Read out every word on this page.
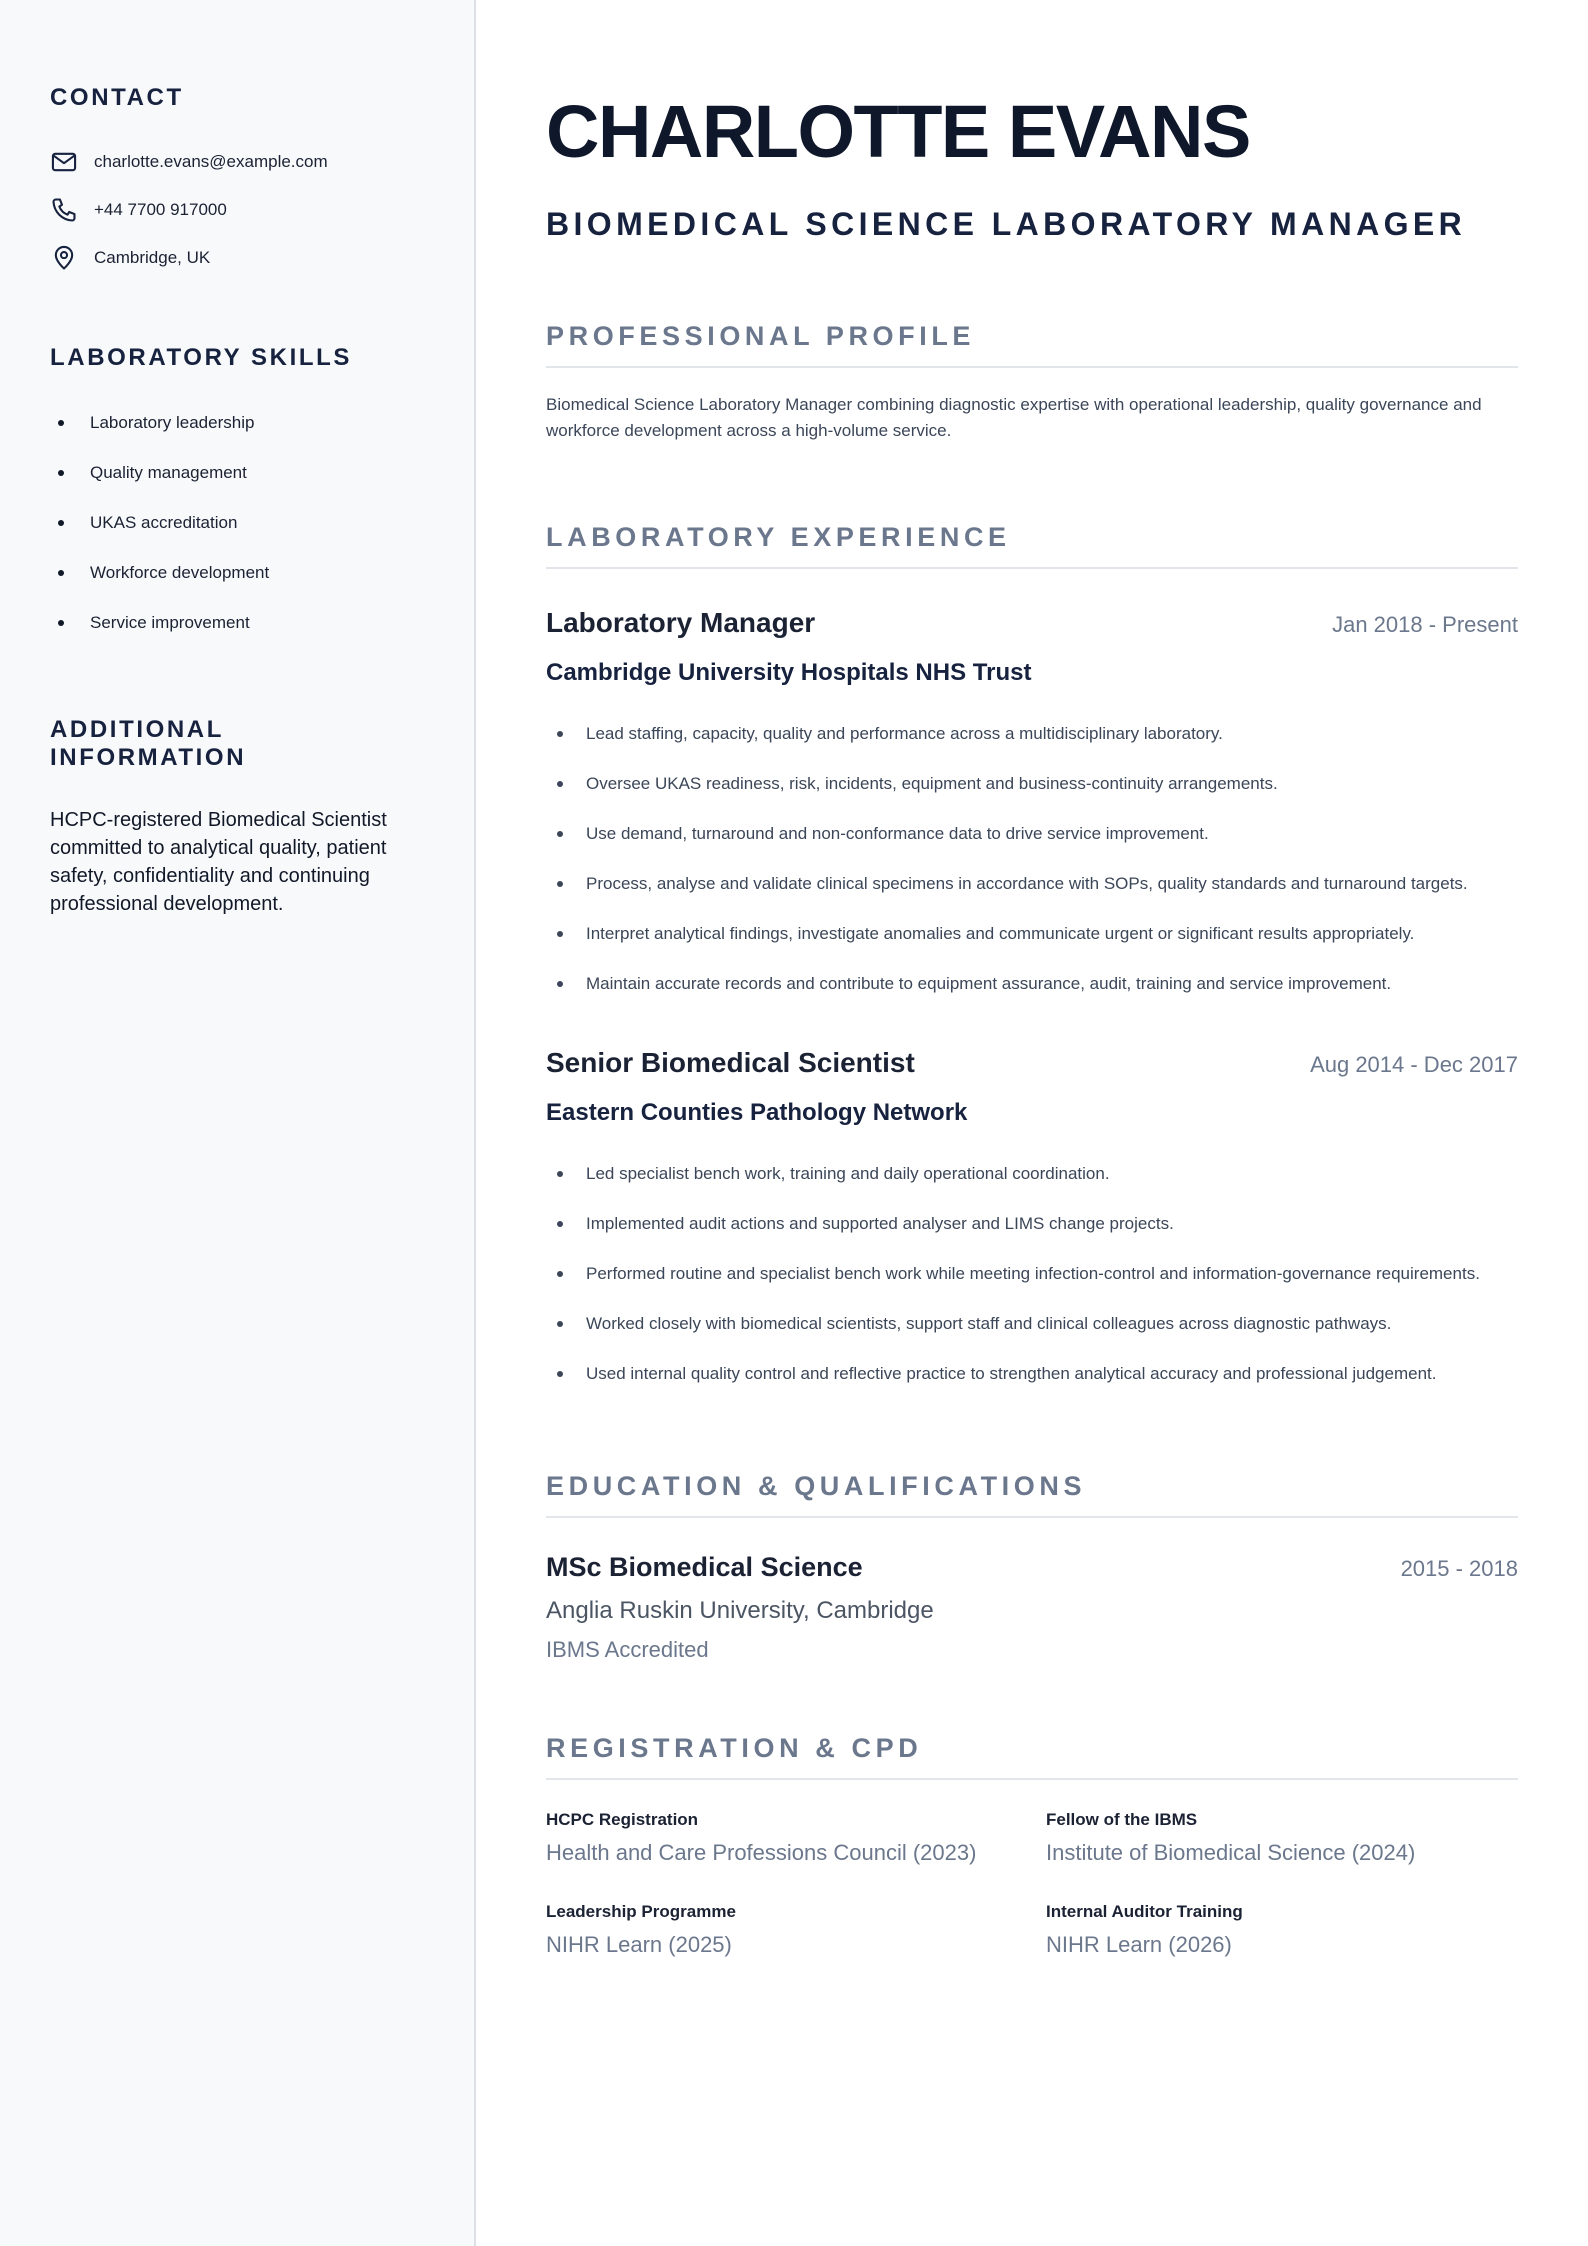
CONTACT
charlotte.evans@example.com
+44 7700 917000
Cambridge, UK
LABORATORY SKILLS
Laboratory leadership
Quality management
UKAS accreditation
Workforce development
Service improvement
ADDITIONAL INFORMATION

HCPC-registered Biomedical Scientist committed to analytical quality, patient safety, confidentiality and continuing professional development.

CHARLOTTE EVANS
BIOMEDICAL SCIENCE LABORATORY MANAGER
PROFESSIONAL PROFILE

Biomedical Science Laboratory Manager combining diagnostic expertise with operational leadership, quality governance and workforce development across a high-volume service.

LABORATORY EXPERIENCE
Laboratory Manager	Jan 2018 - Present
Cambridge University Hospitals NHS Trust
Lead staffing, capacity, quality and performance across a multidisciplinary laboratory.
Oversee UKAS readiness, risk, incidents, equipment and business-continuity arrangements.
Use demand, turnaround and non-conformance data to drive service improvement.
Process, analyse and validate clinical specimens in accordance with SOPs, quality standards and turnaround targets.
Interpret analytical findings, investigate anomalies and communicate urgent or significant results appropriately.
Maintain accurate records and contribute to equipment assurance, audit, training and service improvement.
Senior Biomedical Scientist	Aug 2014 - Dec 2017
Eastern Counties Pathology Network
Led specialist bench work, training and daily operational coordination.
Implemented audit actions and supported analyser and LIMS change projects.
Performed routine and specialist bench work while meeting infection-control and information-governance requirements.
Worked closely with biomedical scientists, support staff and clinical colleagues across diagnostic pathways.
Used internal quality control and reflective practice to strengthen analytical accuracy and professional judgement.
EDUCATION & QUALIFICATIONS
MSc Biomedical Science	2015 - 2018
Anglia Ruskin University, Cambridge
IBMS Accredited
REGISTRATION & CPD
HCPC Registration
Health and Care Professions Council (2023)
Fellow of the IBMS
Institute of Biomedical Science (2024)
Leadership Programme
NIHR Learn (2025)
Internal Auditor Training
NIHR Learn (2026)
